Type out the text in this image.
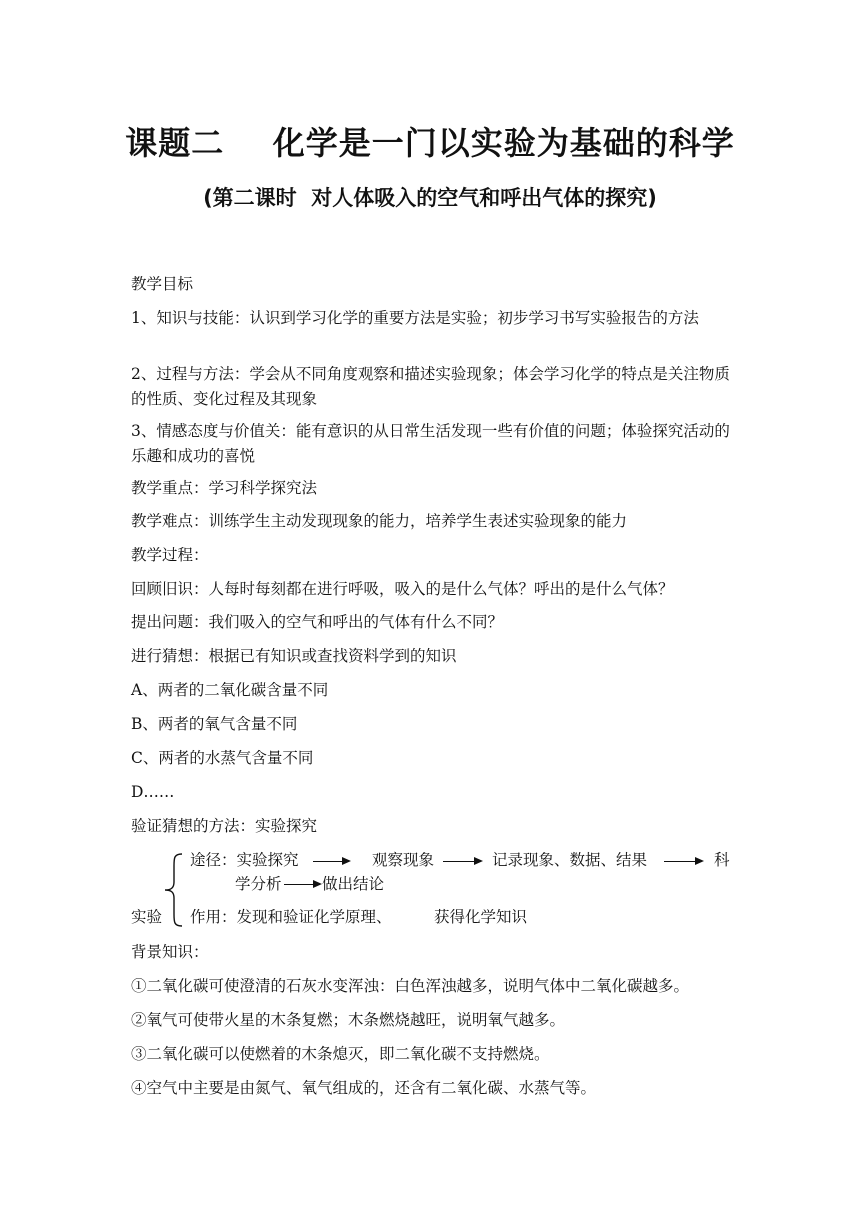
课题二    化学是一门以实验为基础的科学
(第二课时  对人体吸入的空气和呼出气体的探究)
教学目标
1、知识与技能：认识到学习化学的重要方法是实验；初步学习书写实验报告的方法
2、过程与方法：学会从不同角度观察和描述实验现象；体会学习化学的特点是关注物质的性质、变化过程及其现象
3、情感态度与价值关：能有意识的从日常生活发现一些有价值的问题；体验探究活动的乐趣和成功的喜悦
教学重点：学习科学探究法
教学难点：训练学生主动发现现象的能力，培养学生表述实验现象的能力
教学过程：
回顾旧识：人每时每刻都在进行呼吸，吸入的是什么气体？呼出的是什么气体？
提出问题：我们吸入的空气和呼出的气体有什么不同？
进行猜想：根据已有知识或查找资料学到的知识
A、两者的二氧化碳含量不同
B、两者的氧气含量不同
C、两者的水蒸气含量不同
D……
验证猜想的方法：实验探究
实验
途径：实验探究	观察现象	记录现象、数据、结果	科
学分析	做出结论
作用：发现和验证化学原理、	获得化学知识
背景知识：
①二氧化碳可使澄清的石灰水变浑浊：白色浑浊越多，说明气体中二氧化碳越多。
②氧气可使带火星的木条复燃；木条燃烧越旺，说明氧气越多。
③二氧化碳可以使燃着的木条熄灭，即二氧化碳不支持燃烧。
④空气中主要是由氮气、氧气组成的，还含有二氧化碳、水蒸气等。
